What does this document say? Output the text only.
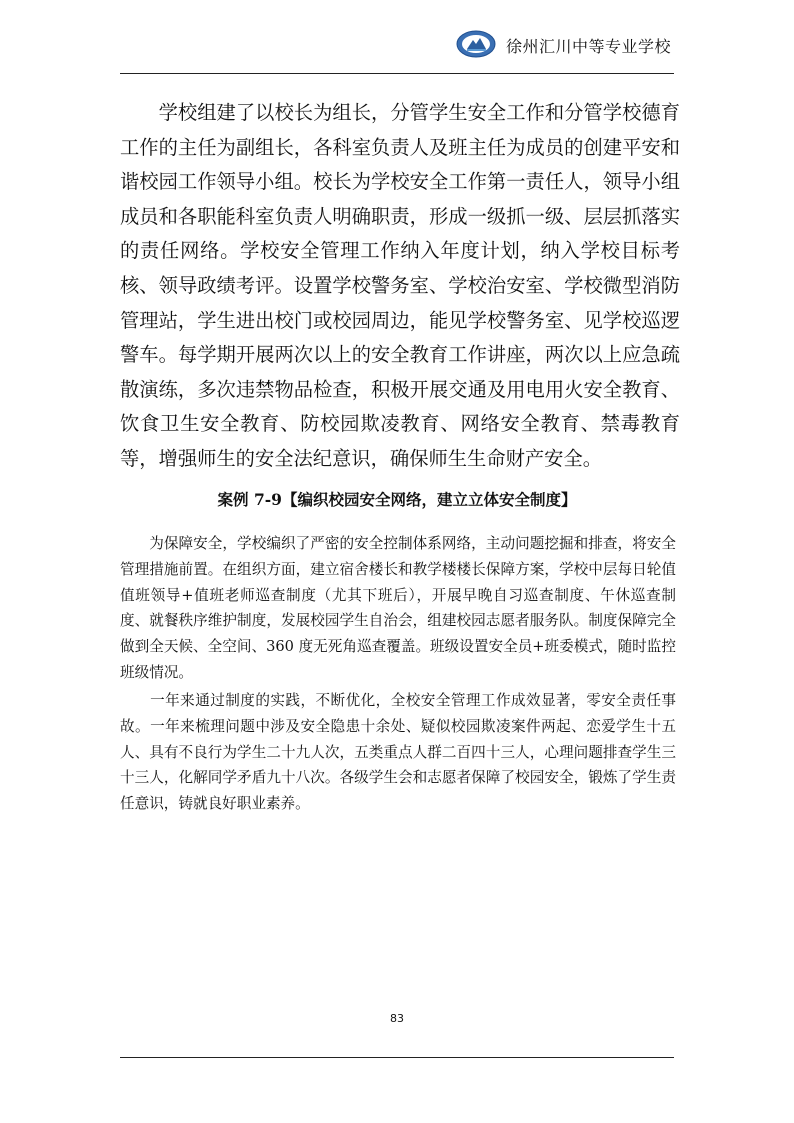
徐州汇川中等专业学校

　　学校组建了以校长为组长，分管学生安全工作和分管学校德育工作的主任为副组长，各科室负责人及班主任为成员的创建平安和谐校园工作领导小组。校长为学校安全工作第一责任人，领导小组成员和各职能科室负责人明确职责，形成一级抓一级、层层抓落实的责任网络。学校安全管理工作纳入年度计划，纳入学校目标考核、领导政绩考评。设置学校警务室、学校治安室、学校微型消防管理站，学生进出校门或校园周边，能见学校警务室、见学校巡逻警车。每学期开展两次以上的安全教育工作讲座，两次以上应急疏散演练，多次违禁物品检查，积极开展交通及用电用火安全教育、饮食卫生安全教育、防校园欺凌教育、网络安全教育、禁毒教育等，增强师生的安全法纪意识，确保师生生命财产安全。

案例 7-9【编织校园安全网络，建立立体安全制度】

　　为保障安全，学校编织了严密的安全控制体系网络，主动问题挖掘和排查，将安全管理措施前置。在组织方面，建立宿舍楼长和教学楼楼长保障方案，学校中层每日轮值值班领导+值班老师巡查制度（尤其下班后），开展早晚自习巡查制度、午休巡查制度、就餐秩序维护制度，发展校园学生自治会，组建校园志愿者服务队。制度保障完全做到全天候、全空间、360 度无死角巡查覆盖。班级设置安全员+班委模式，随时监控班级情况。

　　一年来通过制度的实践，不断优化，全校安全管理工作成效显著，零安全责任事故。一年来梳理问题中涉及安全隐患十余处、疑似校园欺凌案件两起、恋爱学生十五人、具有不良行为学生二十九人次，五类重点人群二百四十三人，心理问题排查学生三十三人，化解同学矛盾九十八次。各级学生会和志愿者保障了校园安全，锻炼了学生责任意识，铸就良好职业素养。

83
